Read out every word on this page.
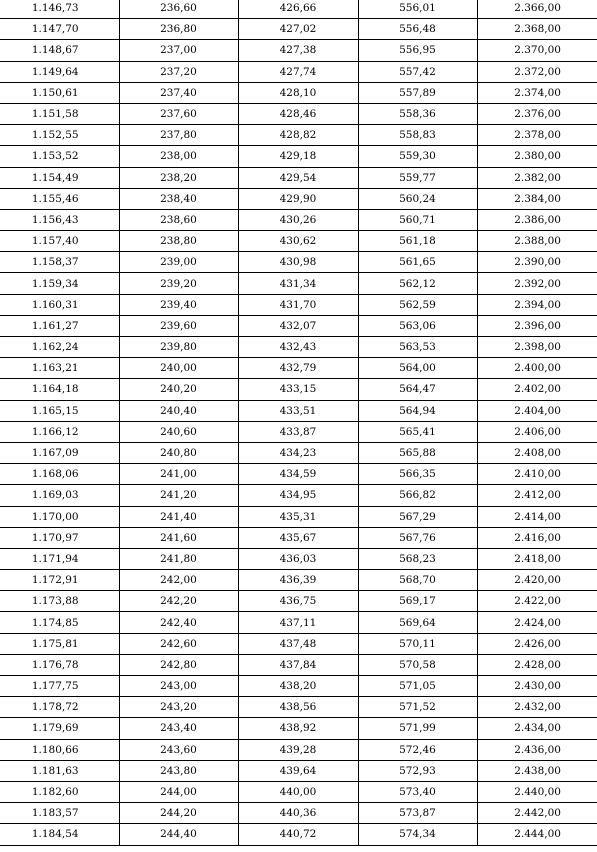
1.146,73	236,60	426,66	556,01	2.366,00
1.147,70	236,80	427,02	556,48	2.368,00
1.148,67	237,00	427,38	556,95	2.370,00
1.149,64	237,20	427,74	557,42	2.372,00
1.150,61	237,40	428,10	557,89	2.374,00
1.151,58	237,60	428,46	558,36	2.376,00
1.152,55	237,80	428,82	558,83	2.378,00
1.153,52	238,00	429,18	559,30	2.380,00
1.154,49	238,20	429,54	559,77	2.382,00
1.155,46	238,40	429,90	560,24	2.384,00
1.156,43	238,60	430,26	560,71	2.386,00
1.157,40	238,80	430,62	561,18	2.388,00
1.158,37	239,00	430,98	561,65	2.390,00
1.159,34	239,20	431,34	562,12	2.392,00
1.160,31	239,40	431,70	562,59	2.394,00
1.161,27	239,60	432,07	563,06	2.396,00
1.162,24	239,80	432,43	563,53	2.398,00
1.163,21	240,00	432,79	564,00	2.400,00
1.164,18	240,20	433,15	564,47	2.402,00
1.165,15	240,40	433,51	564,94	2.404,00
1.166,12	240,60	433,87	565,41	2.406,00
1.167,09	240,80	434,23	565,88	2.408,00
1.168,06	241,00	434,59	566,35	2.410,00
1.169,03	241,20	434,95	566,82	2.412,00
1.170,00	241,40	435,31	567,29	2.414,00
1.170,97	241,60	435,67	567,76	2.416,00
1.171,94	241,80	436,03	568,23	2.418,00
1.172,91	242,00	436,39	568,70	2.420,00
1.173,88	242,20	436,75	569,17	2.422,00
1.174,85	242,40	437,11	569,64	2.424,00
1.175,81	242,60	437,48	570,11	2.426,00
1.176,78	242,80	437,84	570,58	2.428,00
1.177,75	243,00	438,20	571,05	2.430,00
1.178,72	243,20	438,56	571,52	2.432,00
1.179,69	243,40	438,92	571,99	2.434,00
1.180,66	243,60	439,28	572,46	2.436,00
1.181,63	243,80	439,64	572,93	2.438,00
1.182,60	244,00	440,00	573,40	2.440,00
1.183,57	244,20	440,36	573,87	2.442,00
1.184,54	244,40	440,72	574,34	2.444,00
